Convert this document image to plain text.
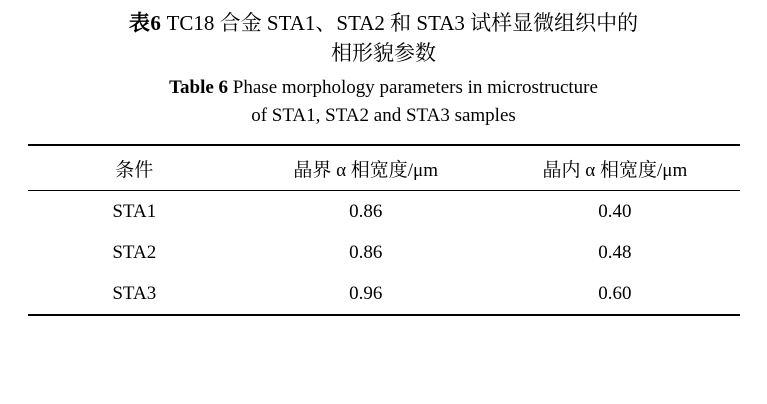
表6 TC18 合金 STA1、STA2 和 STA3 试样显微组织中的
相形貌参数
Table 6 Phase morphology parameters in microstructure
of STA1, STA2 and STA3 samples
条件	晶界 α 相宽度/μm	晶内 α 相宽度/μm
STA1	0.86	0.40
STA2	0.86	0.48
STA3	0.96	0.60
